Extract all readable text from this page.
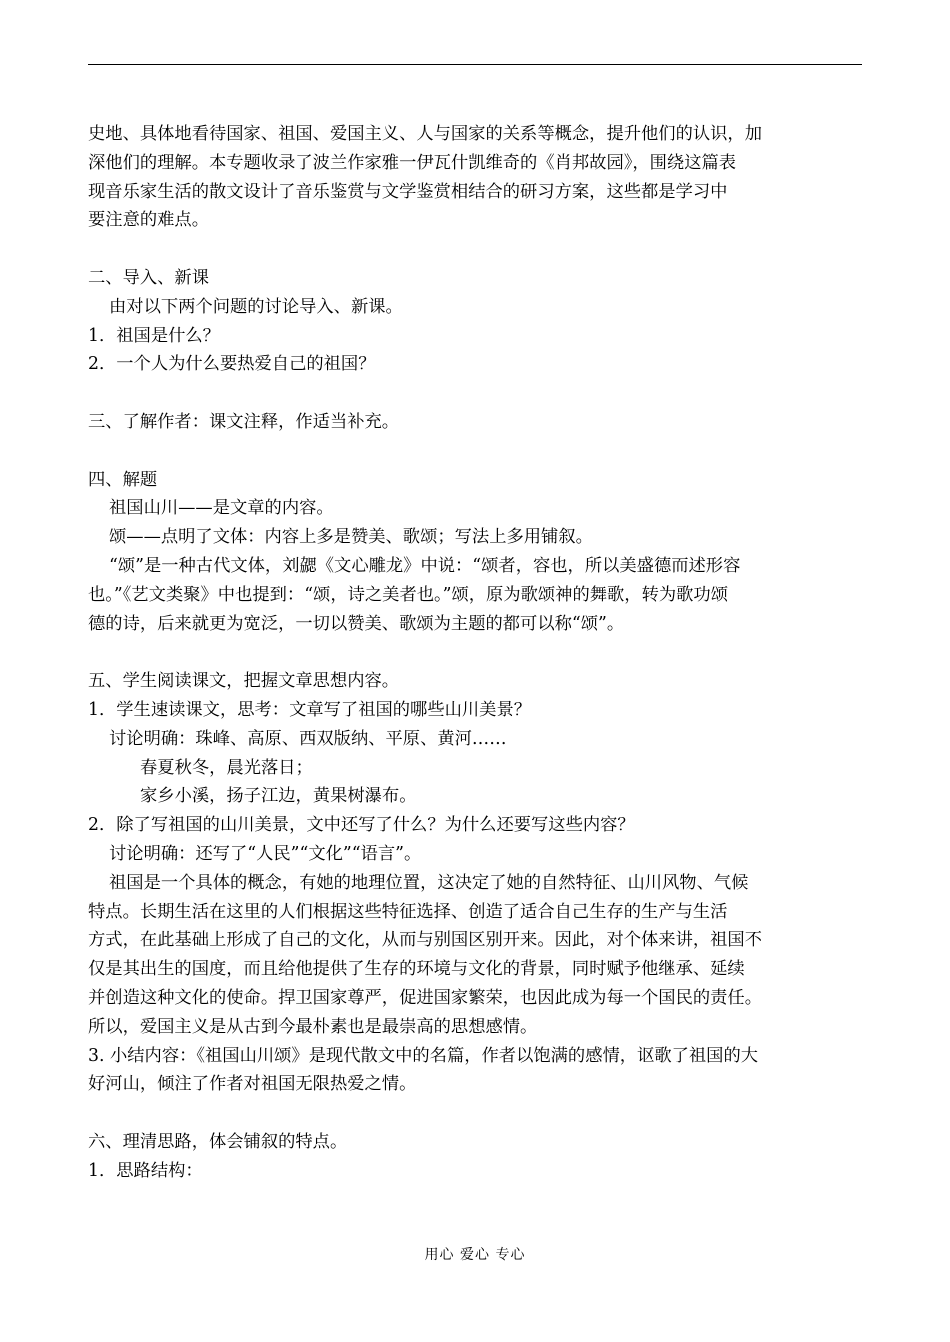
史地、具体地看待国家、祖国、爱国主义、人与国家的关系等概念，提升他们的认识，加

深他们的理解。本专题收录了波兰作家雅一伊瓦什凯维奇的《肖邦故园》，围绕这篇表

现音乐家生活的散文设计了音乐鉴赏与文学鉴赏相结合的研习方案，这些都是学习中

要注意的难点。

二、导入、新课

由对以下两个问题的讨论导入、新课。

1．祖国是什么？

2．一个人为什么要热爱自己的祖国？

三、了解作者：课文注释，作适当补充。

四、解题

祖国山川——是文章的内容。

颂——点明了文体：内容上多是赞美、歌颂；写法上多用铺叙。

“颂”是一种古代文体，刘勰《文心雕龙》中说：“颂者，容也，所以美盛德而述形容

也。”《艺文类聚》中也提到：“颂，诗之美者也。”颂，原为歌颂神的舞歌，转为歌功颂

德的诗，后来就更为宽泛，一切以赞美、歌颂为主题的都可以称“颂”。

五、学生阅读课文，把握文章思想内容。

1．学生速读课文，思考：文章写了祖国的哪些山川美景？

讨论明确：珠峰、高原、西双版纳、平原、黄河……

春夏秋冬，晨光落日；

家乡小溪，扬子江边，黄果树瀑布。

2．除了写祖国的山川美景，文中还写了什么？为什么还要写这些内容？

讨论明确：还写了“人民”“文化”“语言”。

祖国是一个具体的概念，有她的地理位置，这决定了她的自然特征、山川风物、气候

特点。长期生活在这里的人们根据这些特征选择、创造了适合自己生存的生产与生活

方式，在此基础上形成了自己的文化，从而与别国区别开来。因此，对个体来讲，祖国不

仅是其出生的国度，而且给他提供了生存的环境与文化的背景，同时赋予他继承、延续

并创造这种文化的使命。捍卫国家尊严，促进国家繁荣，也因此成为每一个国民的责任。

所以，爱国主义是从古到今最朴素也是最崇高的思想感情。

3. 小结内容：《祖国山川颂》是现代散文中的名篇，作者以饱满的感情，讴歌了祖国的大

好河山，倾注了作者对祖国无限热爱之情。

六、理清思路，体会铺叙的特点。

1．思路结构：

用心 爱心 专心
